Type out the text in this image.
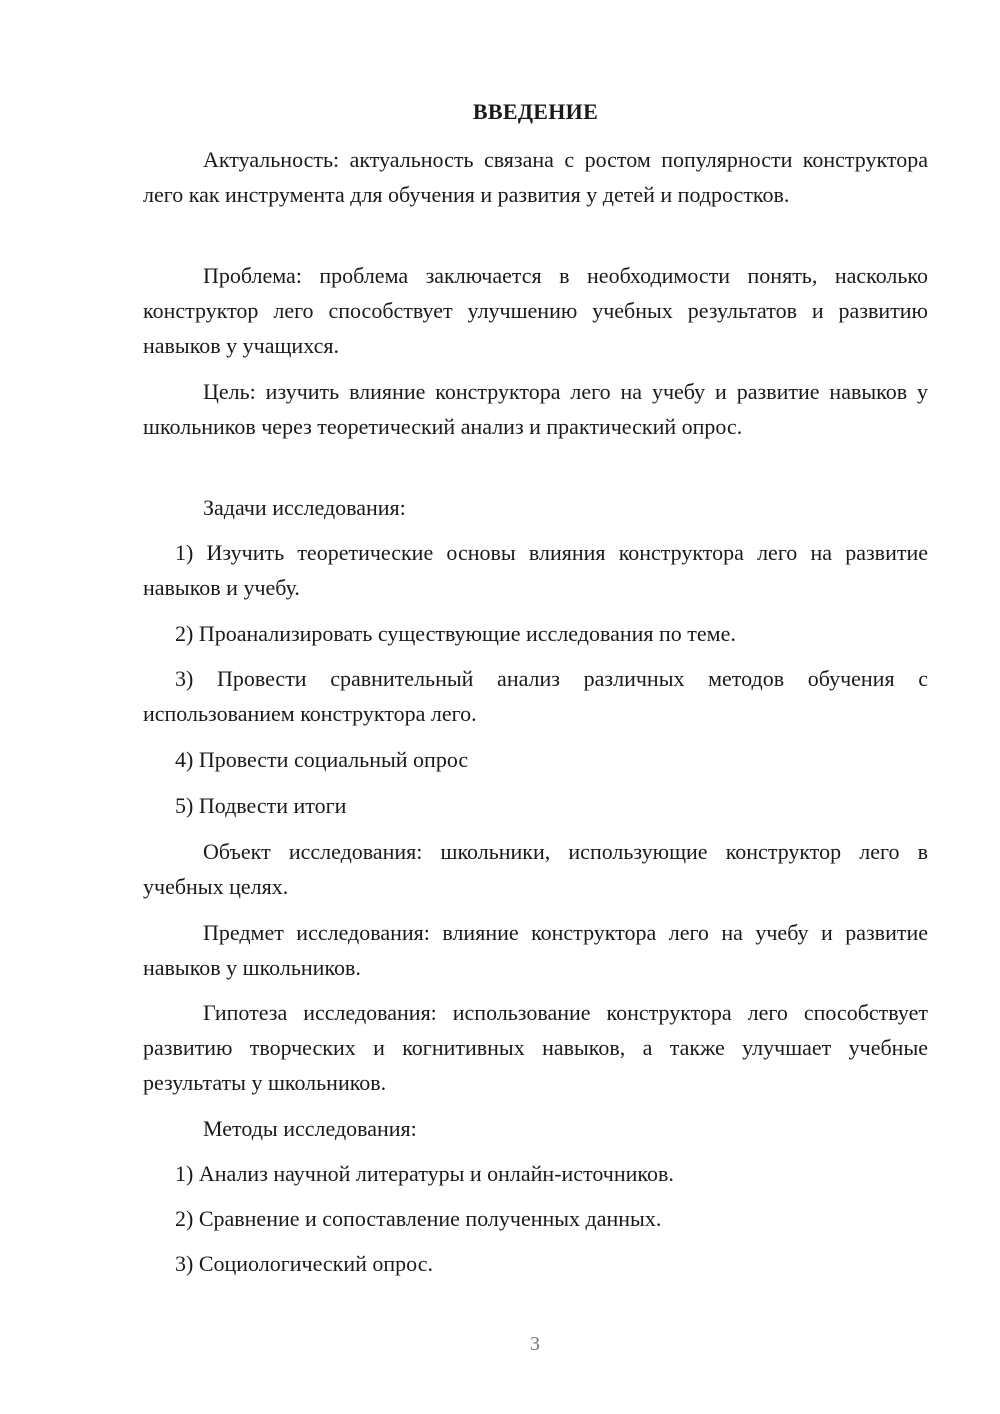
ВВЕДЕНИЕ

Актуальность: актуальность связана с ростом популярности конструктора лего как инструмента для обучения и развития у детей и подростков.

Проблема: проблема заключается в необходимости понять, насколько конструктор лего способствует улучшению учебных результатов и развитию навыков у учащихся.

Цель: изучить влияние конструктора лего на учебу и развитие навыков у школьников через теоретический анализ и практический опрос.

Задачи исследования:

1) Изучить теоретические основы влияния конструктора лего на развитие навыков и учебу.

2) Проанализировать существующие исследования по теме.

3) Провести сравнительный анализ различных методов обучения с использованием конструктора лего.

4) Провести социальный опрос

5) Подвести итоги

Объект исследования: школьники, использующие конструктор лего в учебных целях.

Предмет исследования: влияние конструктора лего на учебу и развитие навыков у школьников.

Гипотеза исследования: использование конструктора лего способствует развитию творческих и когнитивных навыков, а также улучшает учебные результаты у школьников.

Методы исследования:

1) Анализ научной литературы и онлайн-источников.

2) Сравнение и сопоставление полученных данных.

3) Социологический опрос.

3
